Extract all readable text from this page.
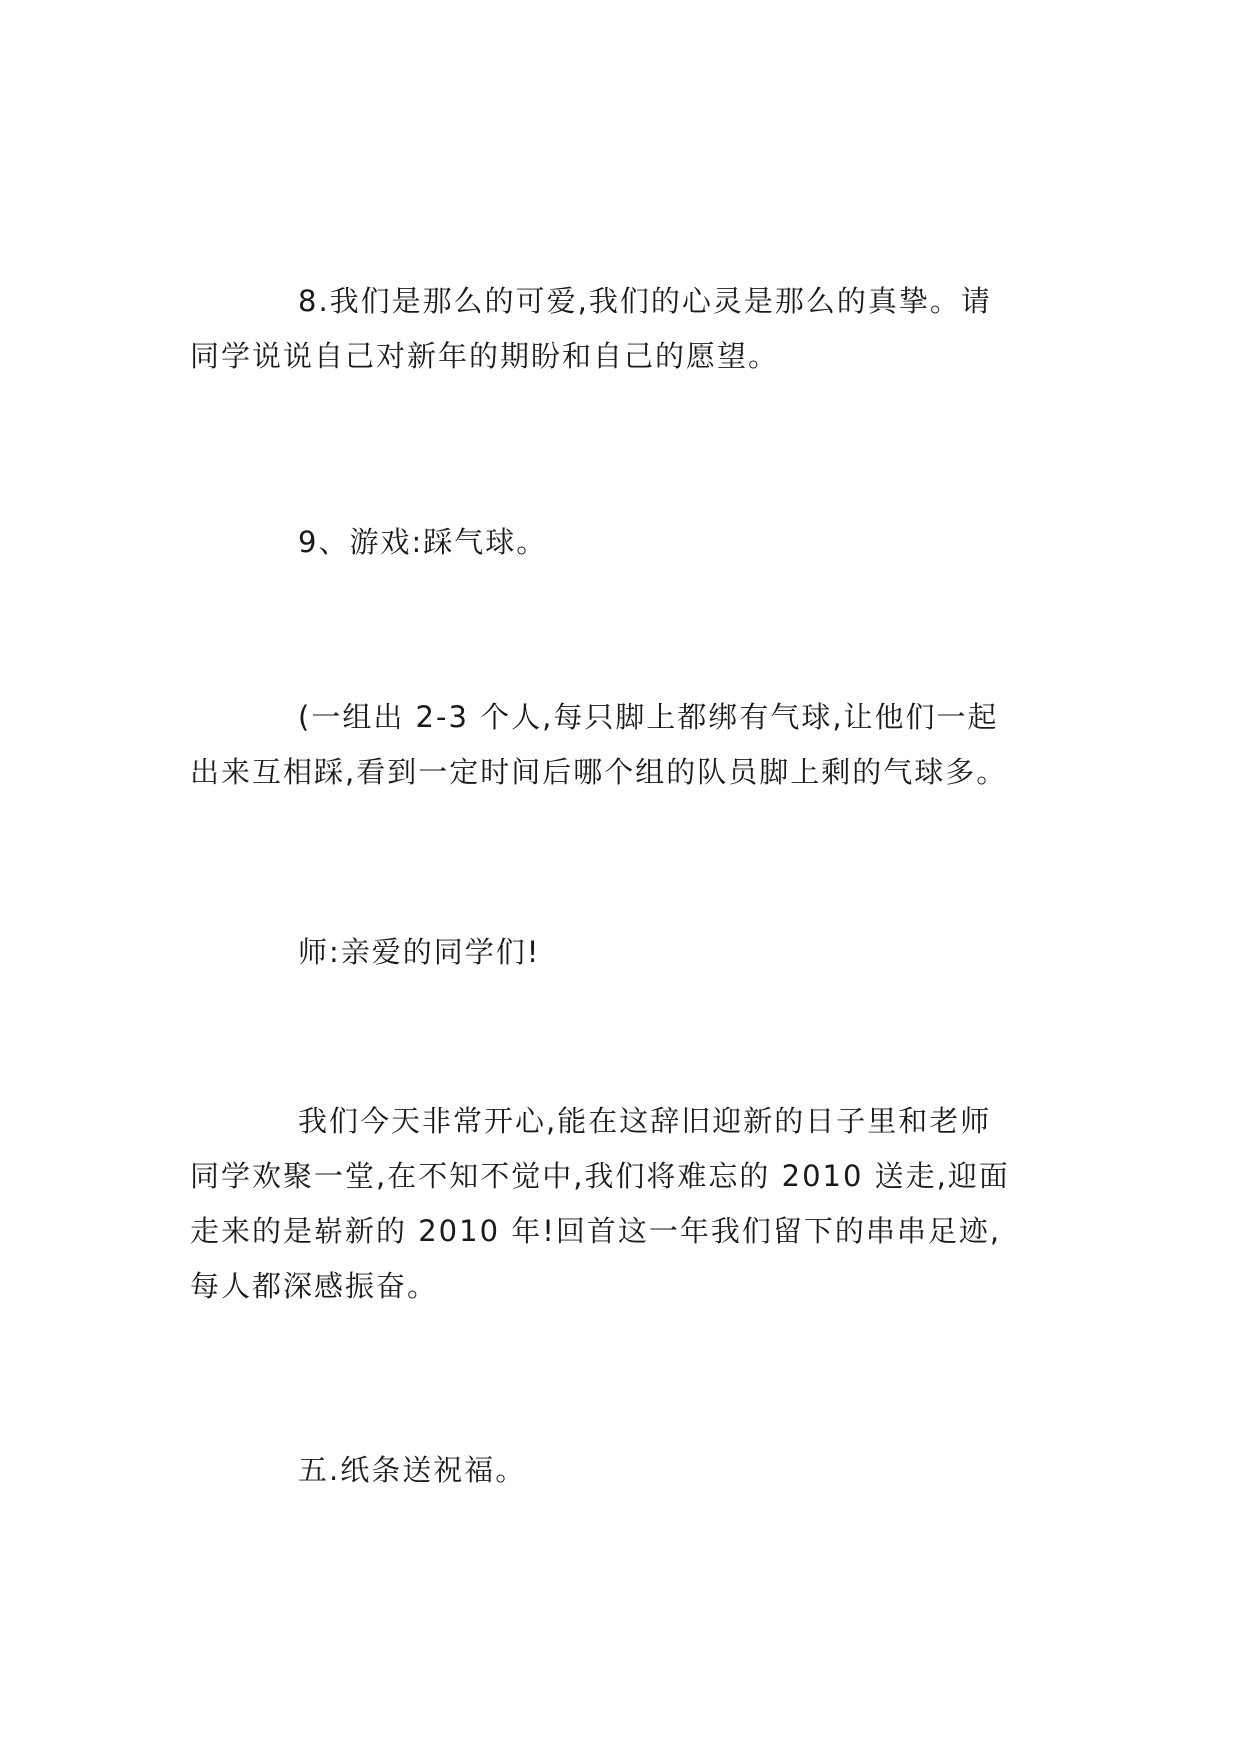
8.我们是那么的可爱,我们的心灵是那么的真挚。请
同学说说自己对新年的期盼和自己的愿望。
9、游戏:踩气球。
(一组出 2-3 个人,每只脚上都绑有气球,让他们一起
出来互相踩,看到一定时间后哪个组的队员脚上剩的气球多。
师:亲爱的同学们!
我们今天非常开心,能在这辞旧迎新的日子里和老师
同学欢聚一堂,在不知不觉中,我们将难忘的 2010 送走,迎面
走来的是崭新的 2010 年!回首这一年我们留下的串串足迹,
每人都深感振奋。
五.纸条送祝福。
